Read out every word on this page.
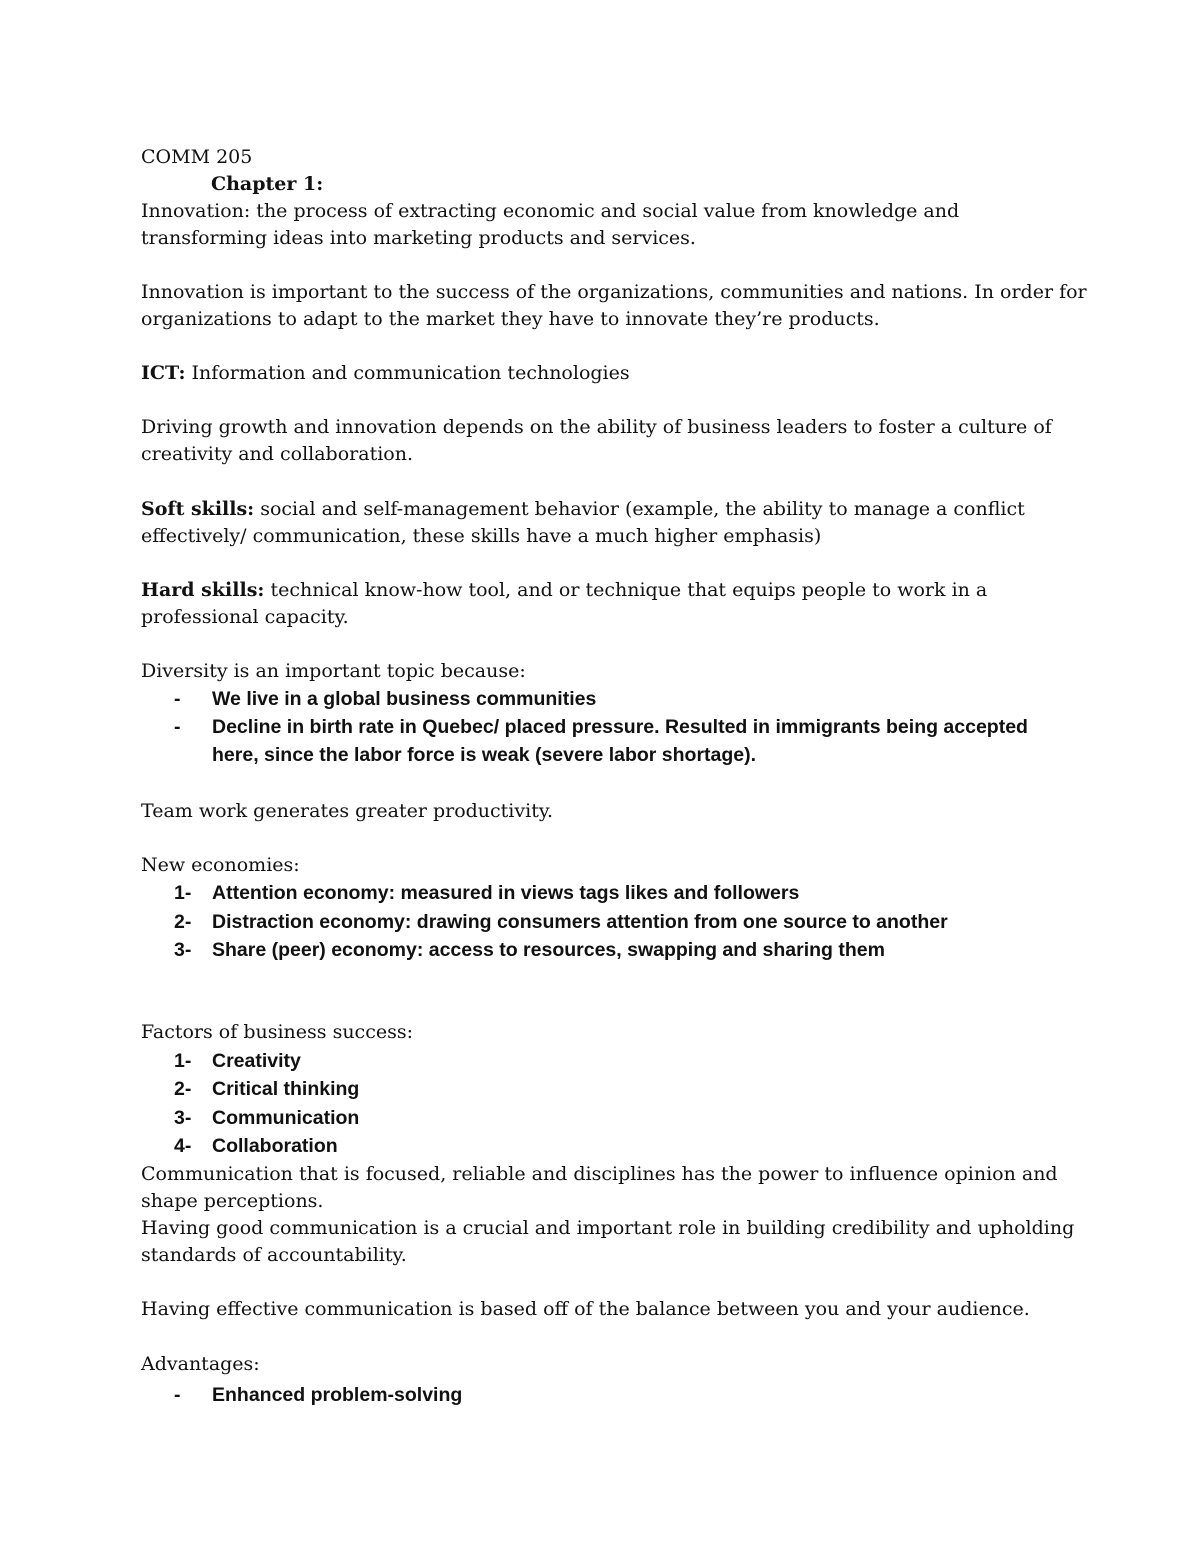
COMM 205
Chapter 1:
Innovation: the process of extracting economic and social value from knowledge and
transforming ideas into marketing products and services.
Innovation is important to the success of the organizations, communities and nations. In order for
organizations to adapt to the market they have to innovate they’re products.
ICT: Information and communication technologies
Driving growth and innovation depends on the ability of business leaders to foster a culture of
creativity and collaboration.
Soft skills: social and self-management behavior (example, the ability to manage a conflict
effectively/ communication, these skills have a much higher emphasis)
Hard skills: technical know-how tool, and or technique that equips people to work in a
professional capacity.
Diversity is an important topic because:
- We live in a global business communities
- Decline in birth rate in Quebec/ placed pressure. Resulted in immigrants being accepted
here, since the labor force is weak (severe labor shortage).
Team work generates greater productivity.
New economies:
1- Attention economy: measured in views tags likes and followers
2- Distraction economy: drawing consumers attention from one source to another
3- Share (peer) economy: access to resources, swapping and sharing them
Factors of business success:
1- Creativity
2- Critical thinking
3- Communication
4- Collaboration
Communication that is focused, reliable and disciplines has the power to influence opinion and
shape perceptions.
Having good communication is a crucial and important role in building credibility and upholding
standards of accountability.
Having effective communication is based off of the balance between you and your audience.
Advantages:
- Enhanced problem-solving
